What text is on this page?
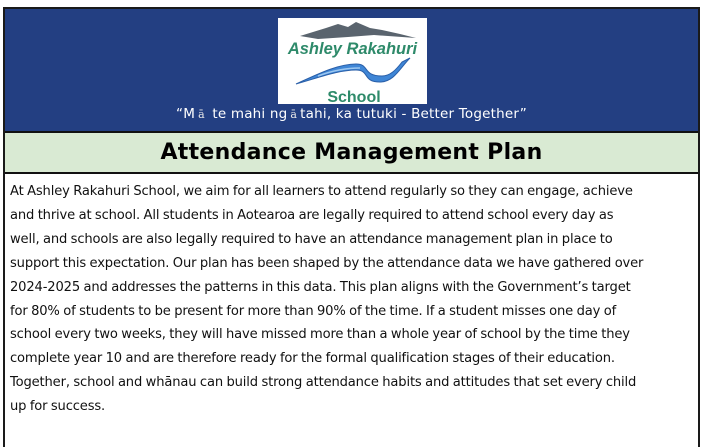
Ashley Rakahuri
School
“M ā te mahi ng ā tahi, ka tutuki - Better Together”
Attendance Management Plan
At Ashley Rakahuri School, we aim for all learners to attend regularly so they can engage, achieve
and thrive at school. All students in Aotearoa are legally required to attend school every day as
well, and schools are also legally required to have an attendance management plan in place to
support this expectation. Our plan has been shaped by the attendance data we have gathered over
2024-2025 and addresses the patterns in this data. This plan aligns with the Government’s target
for 80% of students to be present for more than 90% of the time. If a student misses one day of
school every two weeks, they will have missed more than a whole year of school by the time they
complete year 10 and are therefore ready for the formal qualification stages of their education.
Together, school and whānau can build strong attendance habits and attitudes that set every child
up for success.
